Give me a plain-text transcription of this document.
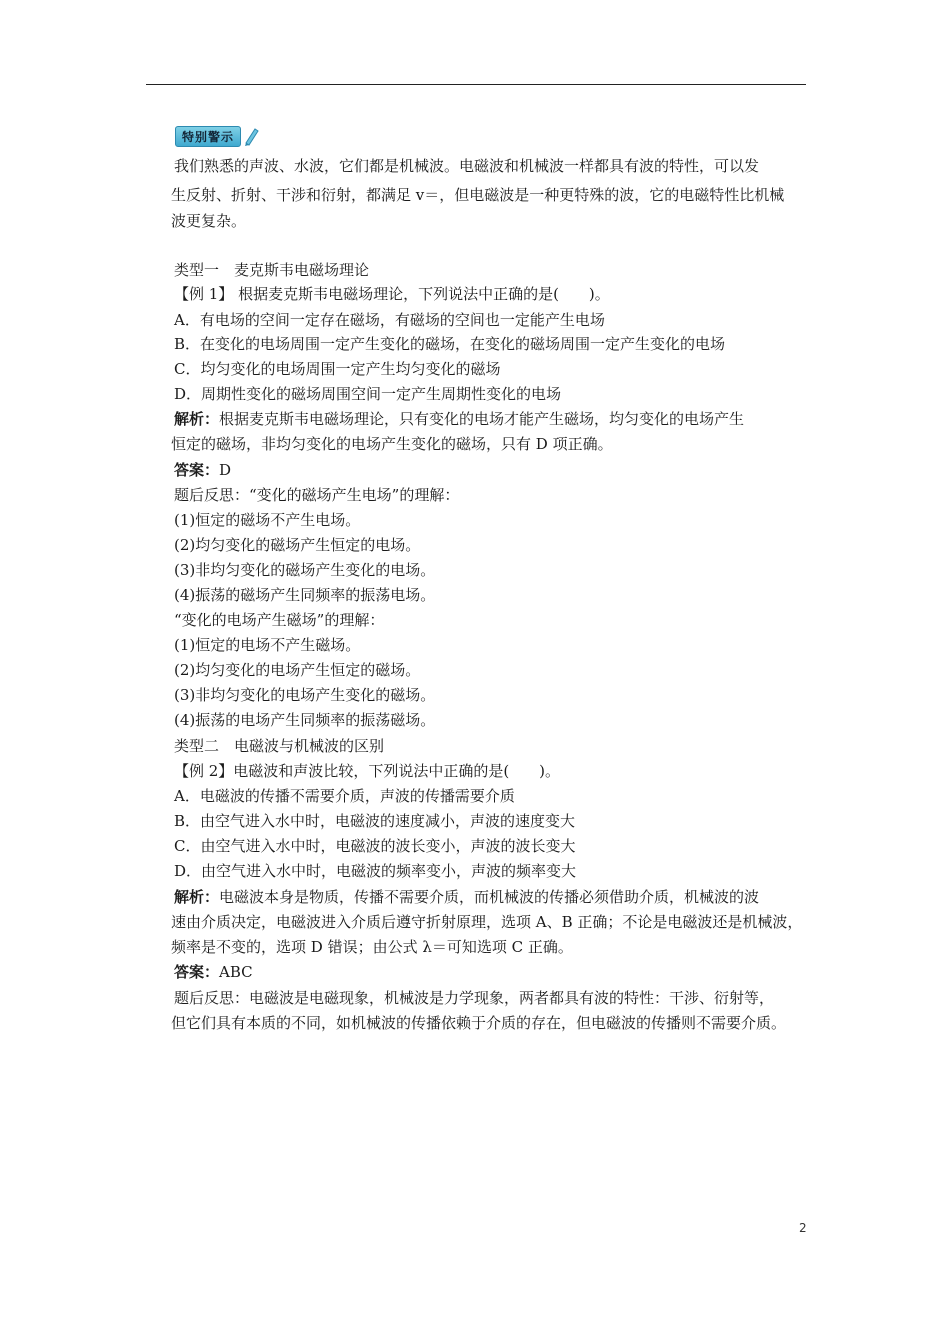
特别警示
我们熟悉的声波、水波，它们都是机械波。电磁波和机械波一样都具有波的特性，可以发
生反射、折射、干涉和衍射，都满足 v＝，但电磁波是一种更特殊的波，它的电磁特性比机械
波更复杂。
类型一　麦克斯韦电磁场理论
【例 1】 根据麦克斯韦电磁场理论，下列说法中正确的是(　　)。
A．有电场的空间一定存在磁场，有磁场的空间也一定能产生电场
B．在变化的电场周围一定产生变化的磁场，在变化的磁场周围一定产生变化的电场
C．均匀变化的电场周围一定产生均匀变化的磁场
D．周期性变化的磁场周围空间一定产生周期性变化的电场
解析：根据麦克斯韦电磁场理论，只有变化的电场才能产生磁场，均匀变化的电场产生
恒定的磁场，非均匀变化的电场产生变化的磁场，只有 D 项正确。
答案：D
题后反思：“变化的磁场产生电场”的理解：
(1)恒定的磁场不产生电场。
(2)均匀变化的磁场产生恒定的电场。
(3)非均匀变化的磁场产生变化的电场。
(4)振荡的磁场产生同频率的振荡电场。
“变化的电场产生磁场”的理解：
(1)恒定的电场不产生磁场。
(2)均匀变化的电场产生恒定的磁场。
(3)非均匀变化的电场产生变化的磁场。
(4)振荡的电场产生同频率的振荡磁场。
类型二　电磁波与机械波的区别
【例 2】电磁波和声波比较，下列说法中正确的是(　　)。
A．电磁波的传播不需要介质，声波的传播需要介质
B．由空气进入水中时，电磁波的速度减小，声波的速度变大
C．由空气进入水中时，电磁波的波长变小，声波的波长变大
D．由空气进入水中时，电磁波的频率变小，声波的频率变大
解析：电磁波本身是物质，传播不需要介质，而机械波的传播必须借助介质，机械波的波
速由介质决定，电磁波进入介质后遵守折射原理，选项 A、B 正确；不论是电磁波还是机械波，
频率是不变的，选项 D 错误；由公式 λ＝可知选项 C 正确。
答案：ABC
题后反思：电磁波是电磁现象，机械波是力学现象，两者都具有波的特性：干涉、衍射等，
但它们具有本质的不同，如机械波的传播依赖于介质的存在，但电磁波的传播则不需要介质。
2
